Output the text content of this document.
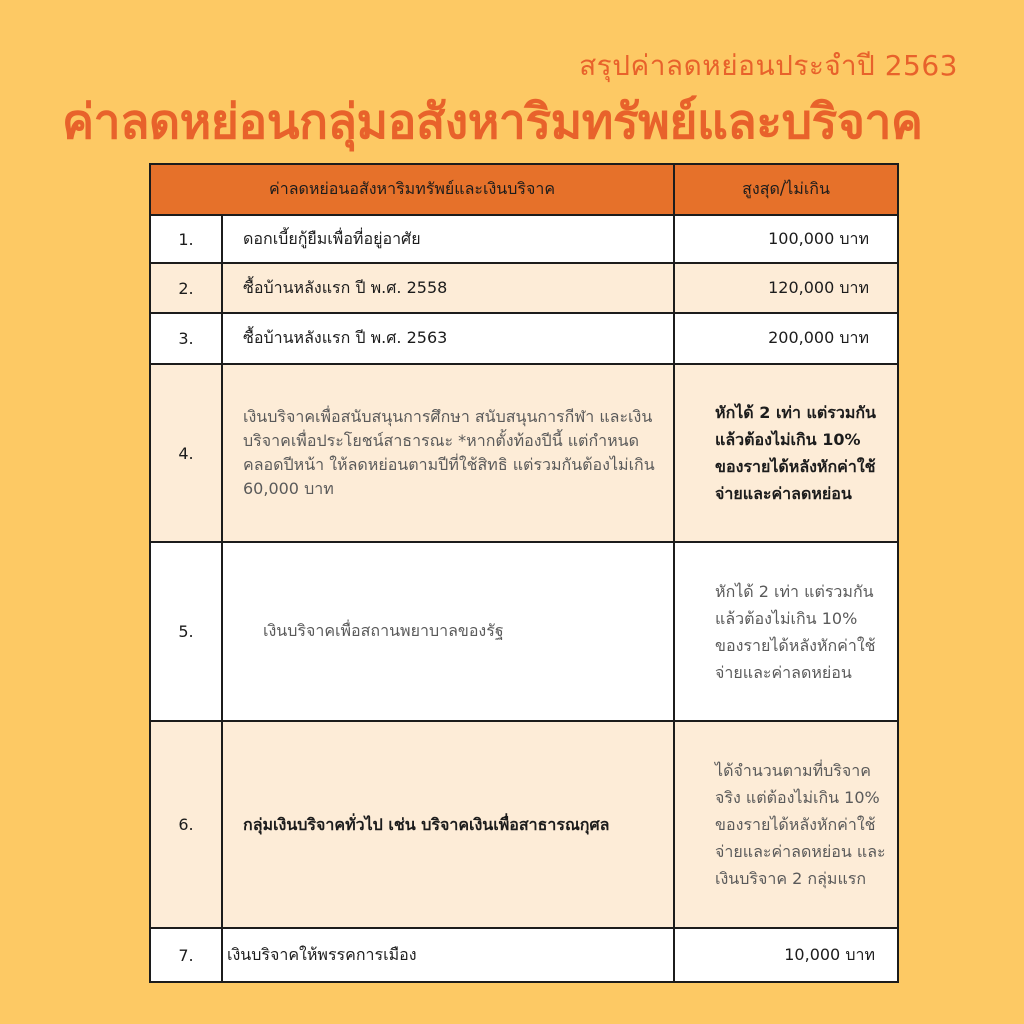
สรุปค่าลดหย่อนประจำปี 2563
ค่าลดหย่อนกลุ่มอสังหาริมทรัพย์และบริจาค
ค่าลดหย่อนอสังหาริมทรัพย์และเงินบริจาค		สูงสุด/ไม่เกิน
1.	ดอกเบี้ยกู้ยืมเพื่อที่อยู่อาศัย	100,000 บาท
2.	ซื้อบ้านหลังแรก ปี พ.ศ. 2558	120,000 บาท
3.	ซื้อบ้านหลังแรก ปี พ.ศ. 2563	200,000 บาท
4.	เงินบริจาคเพื่อสนับสนุนการศึกษา สนับสนุนการกีฬา และเงินบริจาคเพื่อประโยชน์สาธารณะ *หากตั้งท้องปีนี้ แต่กำหนดคลอดปีหน้า ให้ลดหย่อนตามปีที่ใช้สิทธิ แต่รวมกันต้องไม่เกิน 60,000 บาท	หักได้ 2 เท่า แต่รวมกันแล้วต้องไม่เกิน 10% ของรายได้หลังหักค่าใช้จ่ายและค่าลดหย่อน
5.	เงินบริจาคเพื่อสถานพยาบาลของรัฐ	หักได้ 2 เท่า แต่รวมกันแล้วต้องไม่เกิน 10% ของรายได้หลังหักค่าใช้จ่ายและค่าลดหย่อน
6.	กลุ่มเงินบริจาคทั่วไป เช่น บริจาคเงินเพื่อสาธารณกุศล	ได้จำนวนตามที่บริจาคจริง แต่ต้องไม่เกิน 10% ของรายได้หลังหักค่าใช้จ่ายและค่าลดหย่อน และเงินบริจาค 2 กลุ่มแรก
7.	เงินบริจาคให้พรรคการเมือง	10,000 บาท
